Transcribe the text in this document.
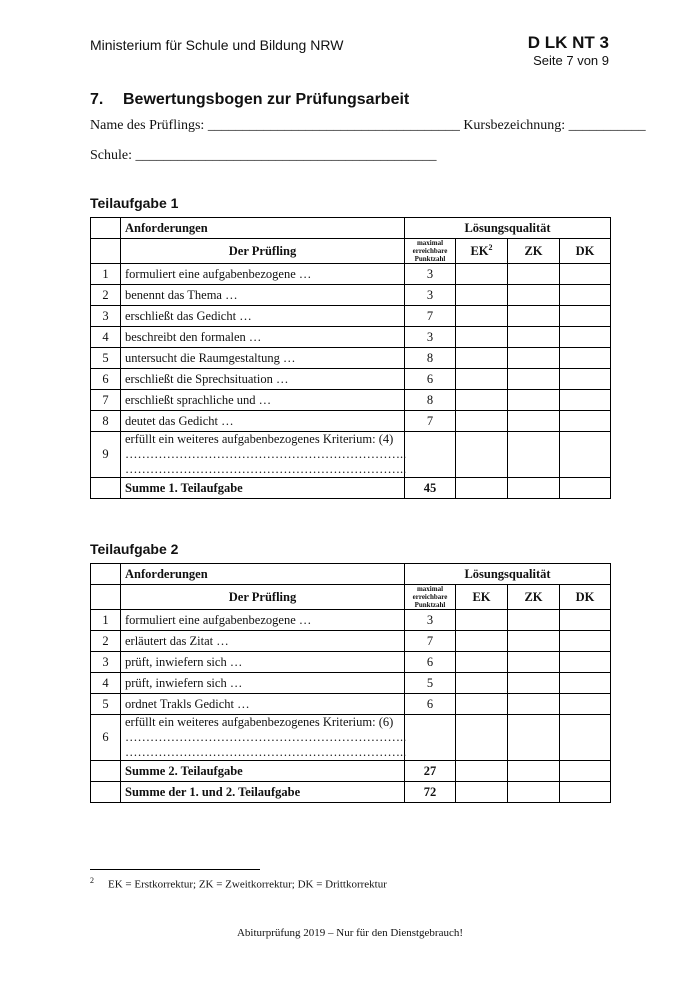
Ministerium für Schule und Bildung NRW	D LK NT 3
Seite 7 von 9
7. Bewertungsbogen zur Prüfungsarbeit
Name des Prüflings: ____________________________________ Kursbezeichnung: ___________
Schule: ___________________________________________
Teilaufgabe 1
	Anforderungen	Lösungsqualität			
	Der Prüfling	maximal erreichbare Punktzahl	$EK^2$	ZK	DK
1	formuliert eine aufgabenbezogene …	3			
2	benennt das Thema …	3			
3	erschließt das Gedicht …	7			
4	beschreibt den formalen …	3			
5	untersucht die Raumgestaltung …	8			
6	erschließt die Sprechsituation …	6			
7	erschließt sprachliche und …	8			
8	deutet das Gedicht …	7			
9	erfüllt ein weiteres aufgabenbezogenes Kriterium: (4)
…………………………………………………………..
…………………………………………………………..				

	Summe 1. Teilaufgabe	45			
Teilaufgabe 2
	Anforderungen	Lösungsqualität			
	Der Prüfling	maximal erreichbare Punktzahl	EK	ZK	DK
1	formuliert eine aufgabenbezogene …	3			
2	erläutert das Zitat …	7			
3	prüft, inwiefern sich …	6			
4	prüft, inwiefern sich …	5			
5	ordnet Trakls Gedicht …	6			
6	erfüllt ein weiteres aufgabenbezogenes Kriterium: (6)
…………………………………………………………..
…………………………………………………………..				

	Summe 2. Teilaufgabe	27			
	Summe der 1. und 2. Teilaufgabe	72			
2 EK = Erstkorrektur; ZK = Zweitkorrektur; DK = Drittkorrektur
Abiturprüfung 2019 – Nur für den Dienstgebrauch!
